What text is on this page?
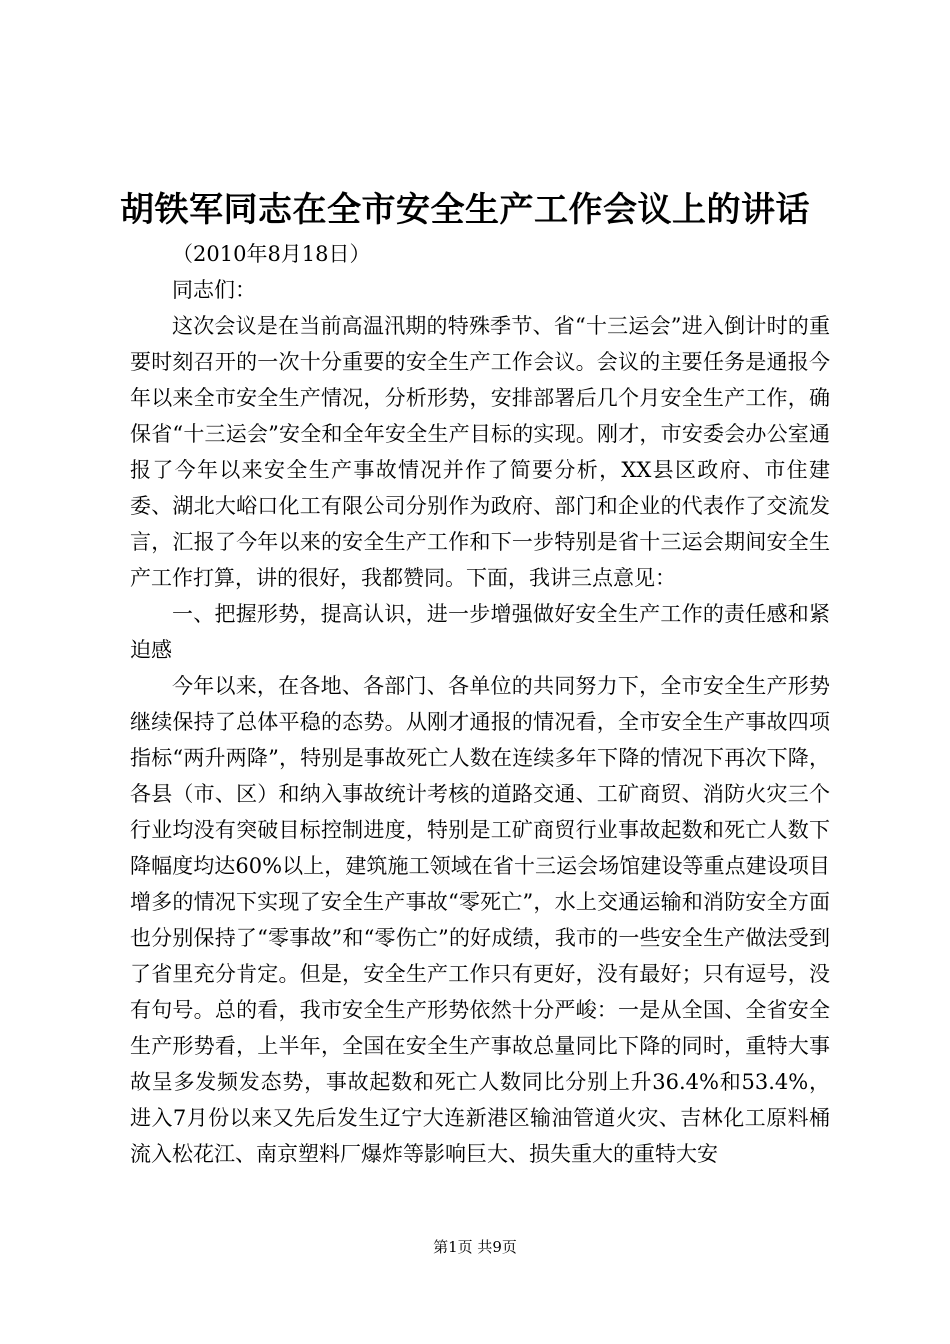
胡铁军同志在全市安全生产工作会议上的讲话

（2010年8月18日）

同志们：

这次会议是在当前高温汛期的特殊季节、省“十三运会”进入倒计时的重要时刻召开的一次十分重要的安全生产工作会议。会议的主要任务是通报今年以来全市安全生产情况，分析形势，安排部署后几个月安全生产工作，确保省“十三运会”安全和全年安全生产目标的实现。刚才，市安委会办公室通报了今年以来安全生产事故情况并作了简要分析，XX县区政府、市住建委、湖北大峪口化工有限公司分别作为政府、部门和企业的代表作了交流发言，汇报了今年以来的安全生产工作和下一步特别是省十三运会期间安全生产工作打算，讲的很好，我都赞同。下面，我讲三点意见：

一、把握形势，提高认识，进一步增强做好安全生产工作的责任感和紧迫感

今年以来，在各地、各部门、各单位的共同努力下，全市安全生产形势继续保持了总体平稳的态势。从刚才通报的情况看，全市安全生产事故四项指标“两升两降”，特别是事故死亡人数在连续多年下降的情况下再次下降，各县（市、区）和纳入事故统计考核的道路交通、工矿商贸、消防火灾三个行业均没有突破目标控制进度，特别是工矿商贸行业事故起数和死亡人数下降幅度均达60%以上，建筑施工领域在省十三运会场馆建设等重点建设项目增多的情况下实现了安全生产事故“零死亡”，水上交通运输和消防安全方面也分别保持了“零事故”和“零伤亡”的好成绩，我市的一些安全生产做法受到了省里充分肯定。但是，安全生产工作只有更好，没有最好；只有逗号，没有句号。总的看，我市安全生产形势依然十分严峻：一是从全国、全省安全生产形势看，上半年，全国在安全生产事故总量同比下降的同时，重特大事故呈多发频发态势，事故起数和死亡人数同比分别上升36.4%和53.4%，进入7月份以来又先后发生辽宁大连新港区输油管道火灾、吉林化工原料桶流入松花江、南京塑料厂爆炸等影响巨大、损失重大的重特大安

第1页 共9页
